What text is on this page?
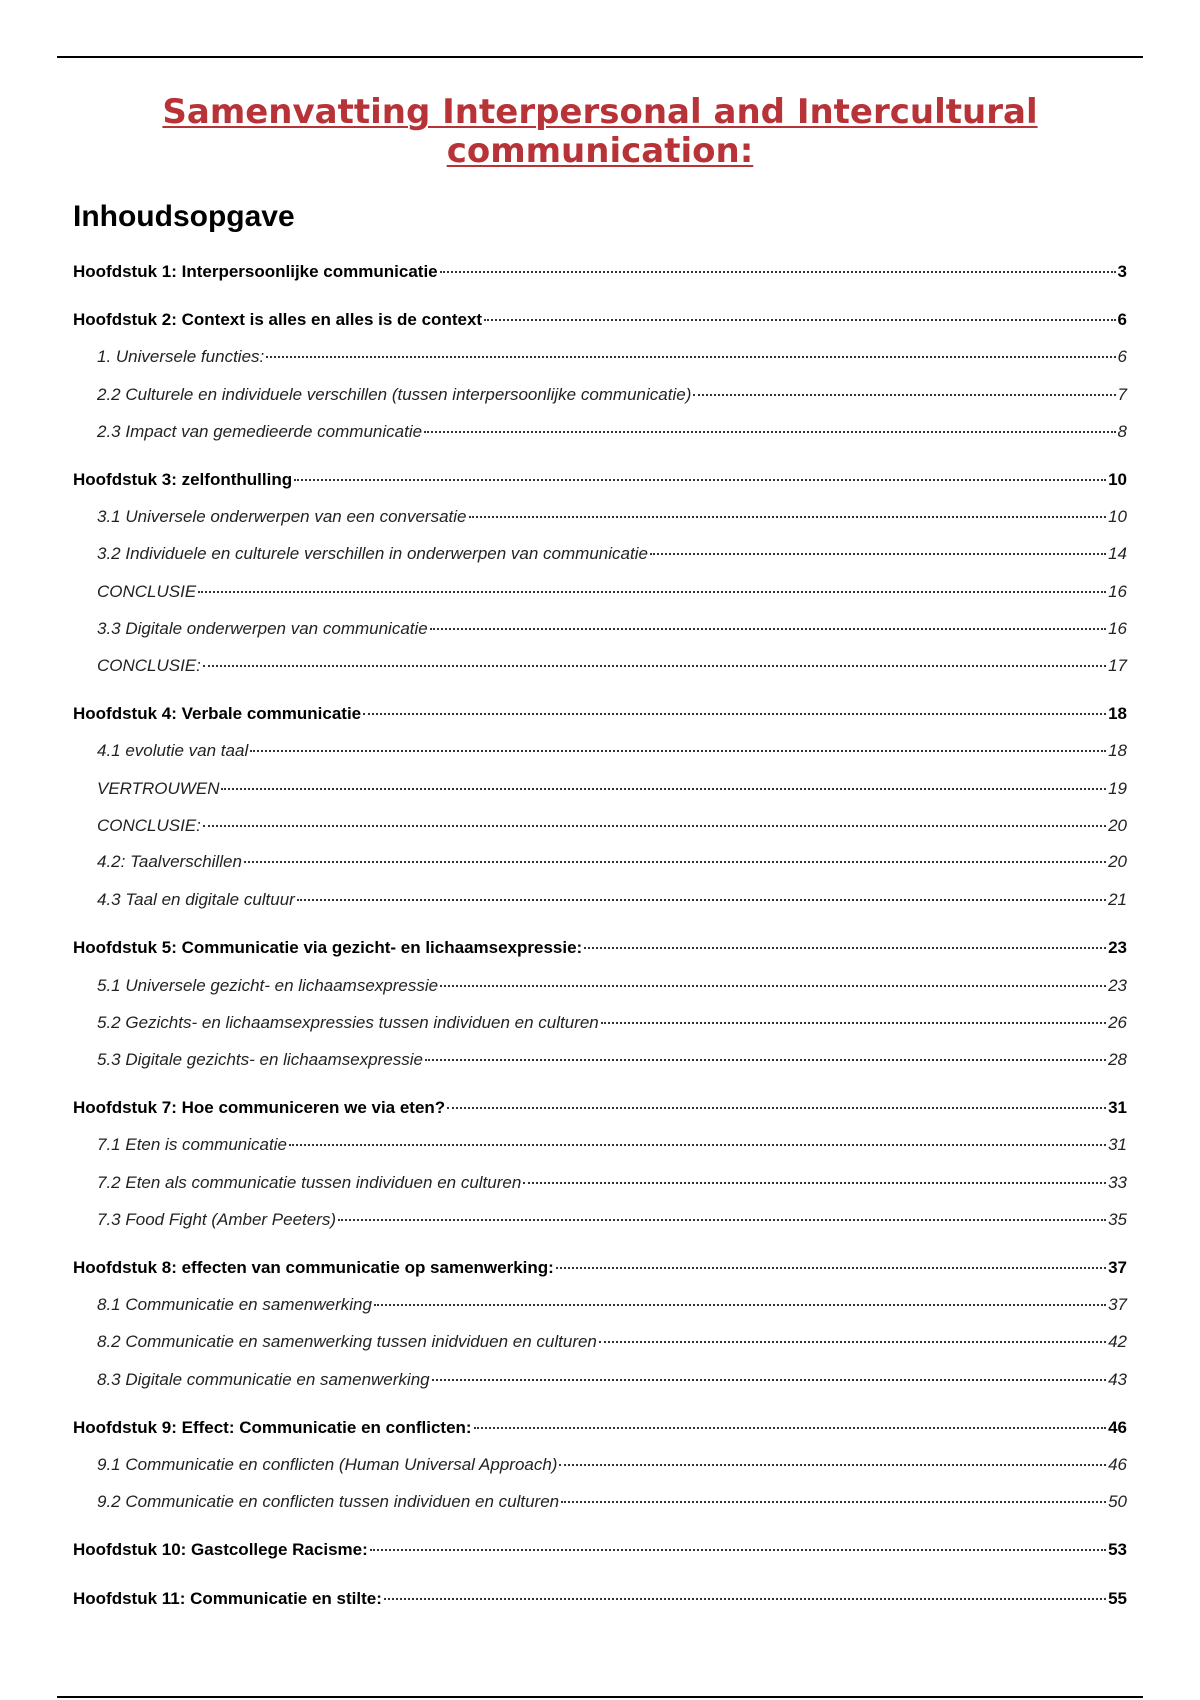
Samenvatting Interpersonal and Intercultural communication:
Inhoudsopgave
Hoofdstuk 1: Interpersoonlijke communicatie	3
Hoofdstuk 2: Context is alles en alles is de context	6
1. Universele functies:	6
2.2 Culturele en individuele verschillen (tussen interpersoonlijke communicatie)	7
2.3 Impact van gemedieerde communicatie	8
Hoofdstuk 3: zelfonthulling	10
3.1 Universele onderwerpen van een conversatie	10
3.2 Individuele en culturele verschillen in onderwerpen van communicatie	14
CONCLUSIE	16
3.3 Digitale onderwerpen van communicatie	16
CONCLUSIE:	17
Hoofdstuk 4: Verbale communicatie	18
4.1 evolutie van taal	18
VERTROUWEN	19
CONCLUSIE:	20
4.2: Taalverschillen	20
4.3 Taal en digitale cultuur	21
Hoofdstuk 5: Communicatie via gezicht- en lichaamsexpressie:	23
5.1 Universele gezicht- en lichaamsexpressie	23
5.2 Gezichts- en lichaamsexpressies tussen individuen en culturen	26
5.3 Digitale gezichts- en lichaamsexpressie	28
Hoofdstuk 7: Hoe communiceren we via eten?	31
7.1 Eten is communicatie	31
7.2 Eten als communicatie tussen individuen en culturen	33
7.3 Food Fight (Amber Peeters)	35
Hoofdstuk 8: effecten van communicatie op samenwerking:	37
8.1 Communicatie en samenwerking	37
8.2 Communicatie en samenwerking tussen inidviduen en culturen	42
8.3 Digitale communicatie en samenwerking	43
Hoofdstuk 9: Effect: Communicatie en conflicten:	46
9.1 Communicatie en conflicten (Human Universal Approach)	46
9.2 Communicatie en conflicten tussen individuen en culturen	50
Hoofdstuk 10: Gastcollege Racisme:	53
Hoofdstuk 11: Communicatie en stilte:	55
